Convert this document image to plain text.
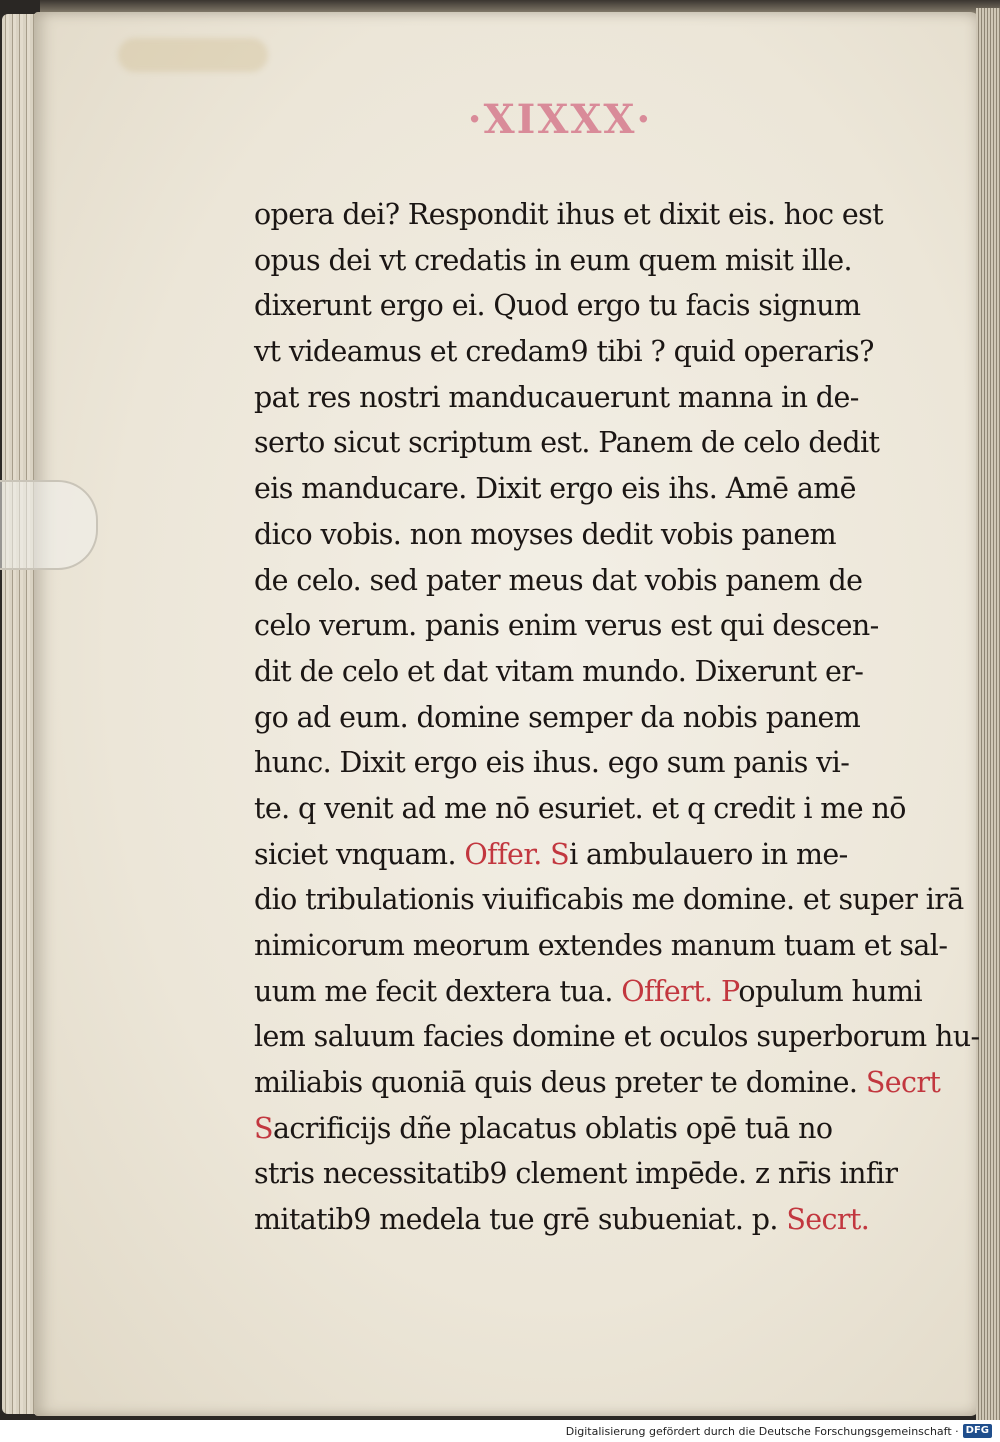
·XIXXX·
opera dei? Respondit ihus et dixit eis. hoc est
opus dei vt credatis in eum quem misit ille.
dixerunt ergo ei. Quod ergo tu facis signum
vt videamus et credam9 tibi ? quid operaris?
pat res nostri manducauerunt manna in de-
serto sicut scriptum est. Panem de celo dedit
eis manducare. Dixit ergo eis ihs. Amē amē
dico vobis. non moyses dedit vobis panem
de celo. sed pater meus dat vobis panem de
celo verum. panis enim verus est qui descen-
dit de celo et dat vitam mundo. Dixerunt er-
go ad eum. domine semper da nobis panem
hunc. Dixit ergo eis ihus. ego sum panis vi-
te. q venit ad me nō esuriet. et q credit i me nō
siciet vnquam. Offer. Si ambulauero in me-
dio tribulationis viuificabis me domine. et super irā
nimicorum meorum extendes manum tuam et sal-
uum me fecit dextera tua. Offert. Populum humi
lem saluum facies domine et oculos superborum hu-
miliabis quoniā quis deus preter te domine. Secrt
Sacrificijs dñe placatus oblatis opē tuā no
stris necessitatib9 clement impēde. z nr̄is infir
mitatib9 medela tue grē subueniat. p. Secrt.
Digitalisierung gefördert durch die Deutsche Forschungsgemeinschaft · DFG
